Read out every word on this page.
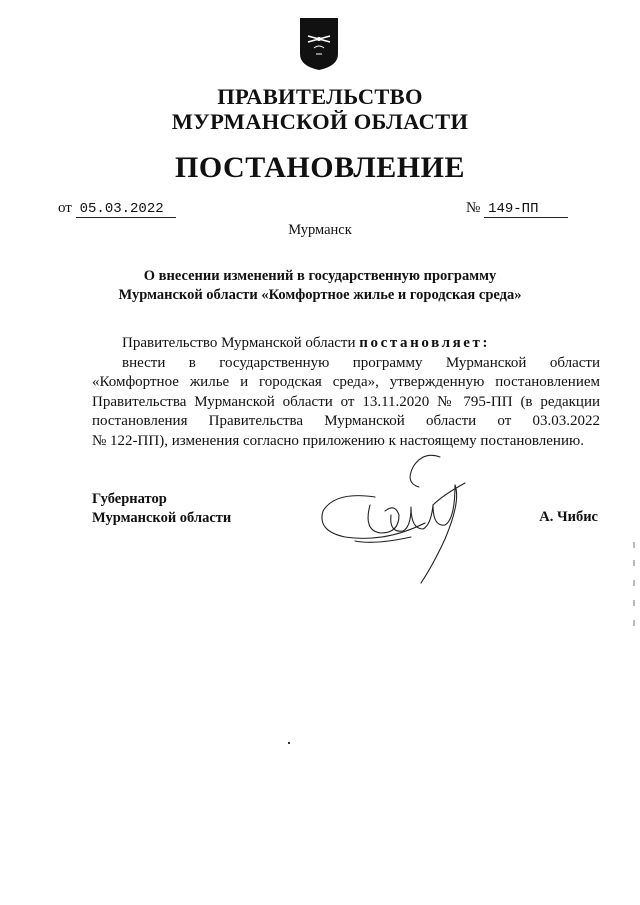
ПРАВИТЕЛЬСТВО
МУРМАНСКОЙ ОБЛАСТИ
ПОСТАНОВЛЕНИЕ
от 05.03.2022	№ 149-ПП
Мурманск
О внесении изменений в государственную программу
Мурманской области «Комфортное жилье и городская среда»
Правительство Мурманской области постановляет:
внести в государственную программу Мурманской области
«Комфортное жилье и городская среда», утвержденную постановлением
Правительства Мурманской области от 13.11.2020 № 795-ПП (в редакции
постановления Правительства Мурманской области от 03.03.2022
№ 122-ПП), изменения согласно приложению к настоящему постановлению.
Губернатор
Мурманской области	А. Чибис
